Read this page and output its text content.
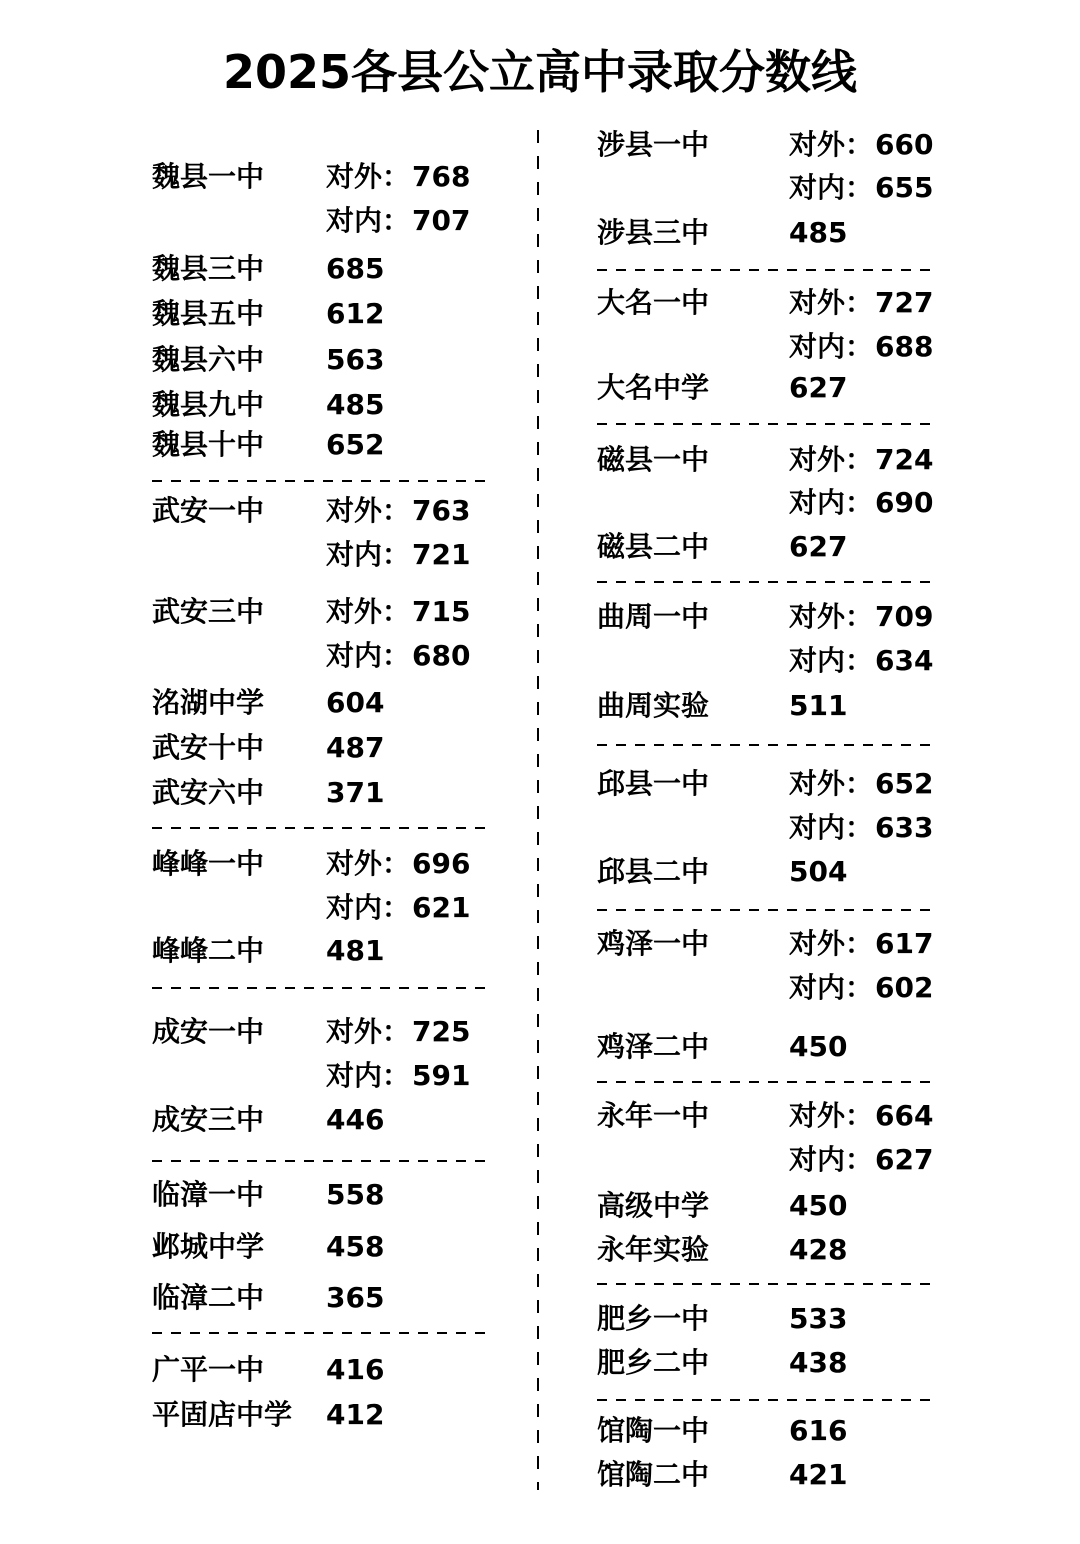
2025各县公立高中录取分数线
魏县一中 对外：768
对内：707
魏县三中 685
魏县五中 612
魏县六中 563
魏县九中 485
魏县十中 652
武安一中 对外：763
对内：721
武安三中 对外：715
对内：680
洺湖中学 604
武安十中 487
武安六中 371
峰峰一中 对外：696
对内：621
峰峰二中 481
成安一中 对外：725
对内：591
成安三中 446
临漳一中 558
邺城中学 458
临漳二中 365
广平一中 416
平固店中学 412
涉县一中	对外：660
对内：655
涉县三中	485
大名一中	对外：727
对内：688
大名中学	627
磁县一中	对外：724
对内：690
磁县二中	627
曲周一中	对外：709
对内：634
曲周实验	511
邱县一中	对外：652
对内：633
邱县二中	504
鸡泽一中	对外：617
对内：602
鸡泽二中	450
永年一中	对外：664
对内：627
高级中学	450
永年实验	428
肥乡一中	533
肥乡二中	438
馆陶一中	616
馆陶二中	421
